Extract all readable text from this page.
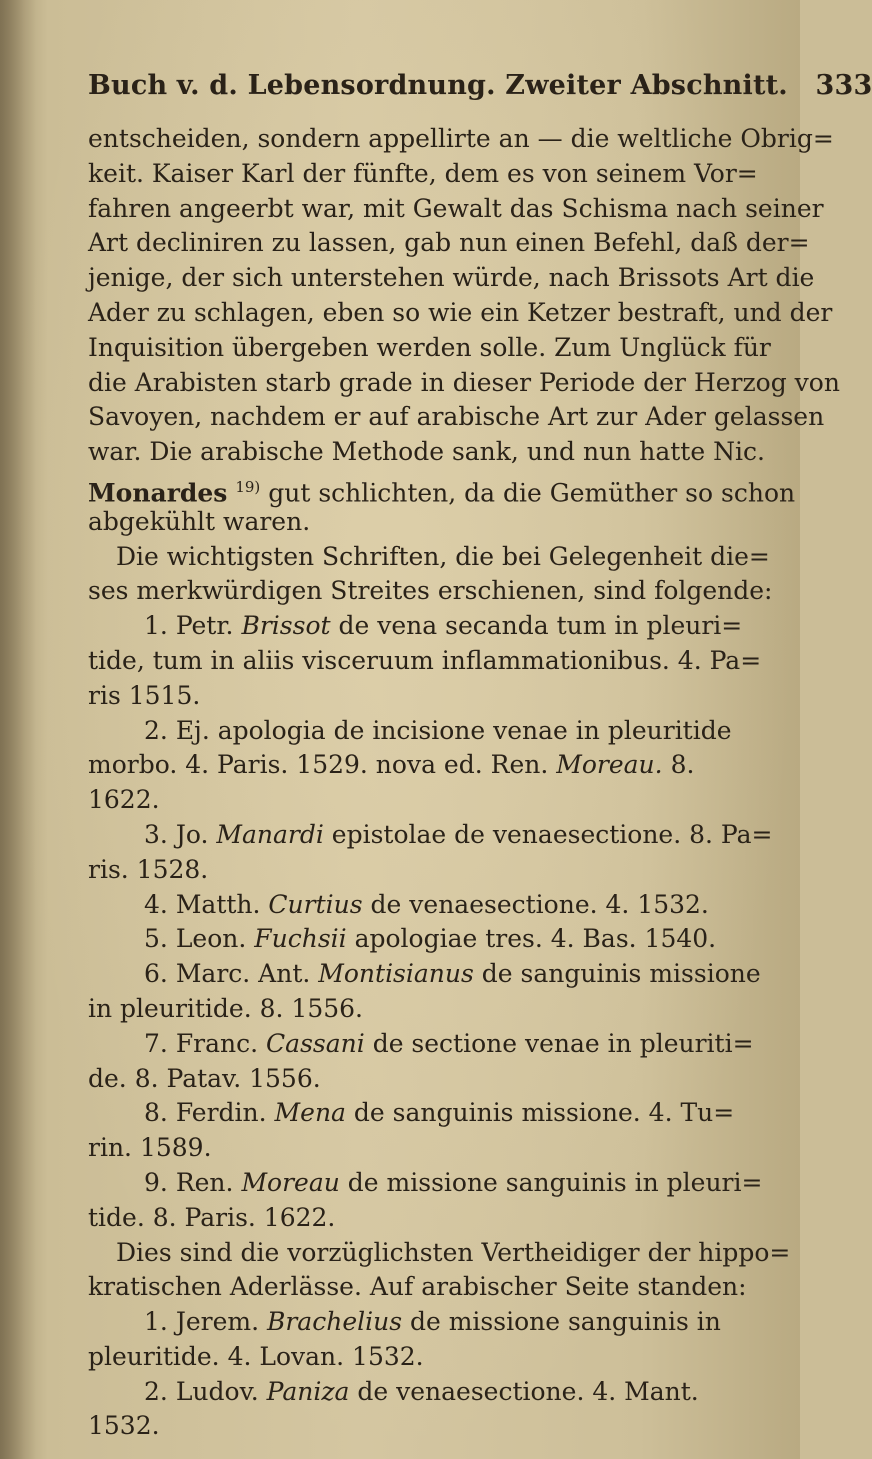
Buch v. d. Lebensordnung. Zweiter Abschnitt. 333
entscheiden, sondern appellirte an — die weltliche Obrig=
keit. Kaiser Karl der fünfte, dem es von seinem Vor=
fahren angeerbt war, mit Gewalt das Schisma nach seiner
Art decliniren zu lassen, gab nun einen Befehl, daß der=
jenige, der sich unterstehen würde, nach Brissots Art die
Ader zu schlagen, eben so wie ein Ketzer bestraft, und der
Inquisition übergeben werden solle. Zum Unglück für
die Arabisten starb grade in dieser Periode der Herzog von
Savoyen, nachdem er auf arabische Art zur Ader gelassen
war. Die arabische Methode sank, und nun hatte Nic.
Monardes $^{19)}$ gut schlichten, da die Gemüther so schon
abgekühlt waren.
Die wichtigsten Schriften, die bei Gelegenheit die=
ses merkwürdigen Streites erschienen, sind folgende:
1. Petr. Brissot de vena secanda tum in pleuri=
tide, tum in aliis visceruum inflammationibus. 4. Pa=
ris 1515.
2. Ej. apologia de incisione venae in pleuritide
morbo. 4. Paris. 1529. nova ed. Ren. Moreau. 8.
1622.
3. Jo. Manardi epistolae de venaesectione. 8. Pa=
ris. 1528.
4. Matth. Curtius de venaesectione. 4. 1532.
5. Leon. Fuchsii apologiae tres. 4. Bas. 1540.
6. Marc. Ant. Montisianus de sanguinis missione
in pleuritide. 8. 1556.
7. Franc. Cassani de sectione venae in pleuriti=
de. 8. Patav. 1556.
8. Ferdin. Mena de sanguinis missione. 4. Tu=
rin. 1589.
9. Ren. Moreau de missione sanguinis in pleuri=
tide. 8. Paris. 1622.
Dies sind die vorzüglichsten Vertheidiger der hippo=
kratischen Aderlässe. Auf arabischer Seite standen:
1. Jerem. Brachelius de missione sanguinis in
pleuritide. 4. Lovan. 1532.
2. Ludov. Paniza de venaesectione. 4. Mant.
1532.
